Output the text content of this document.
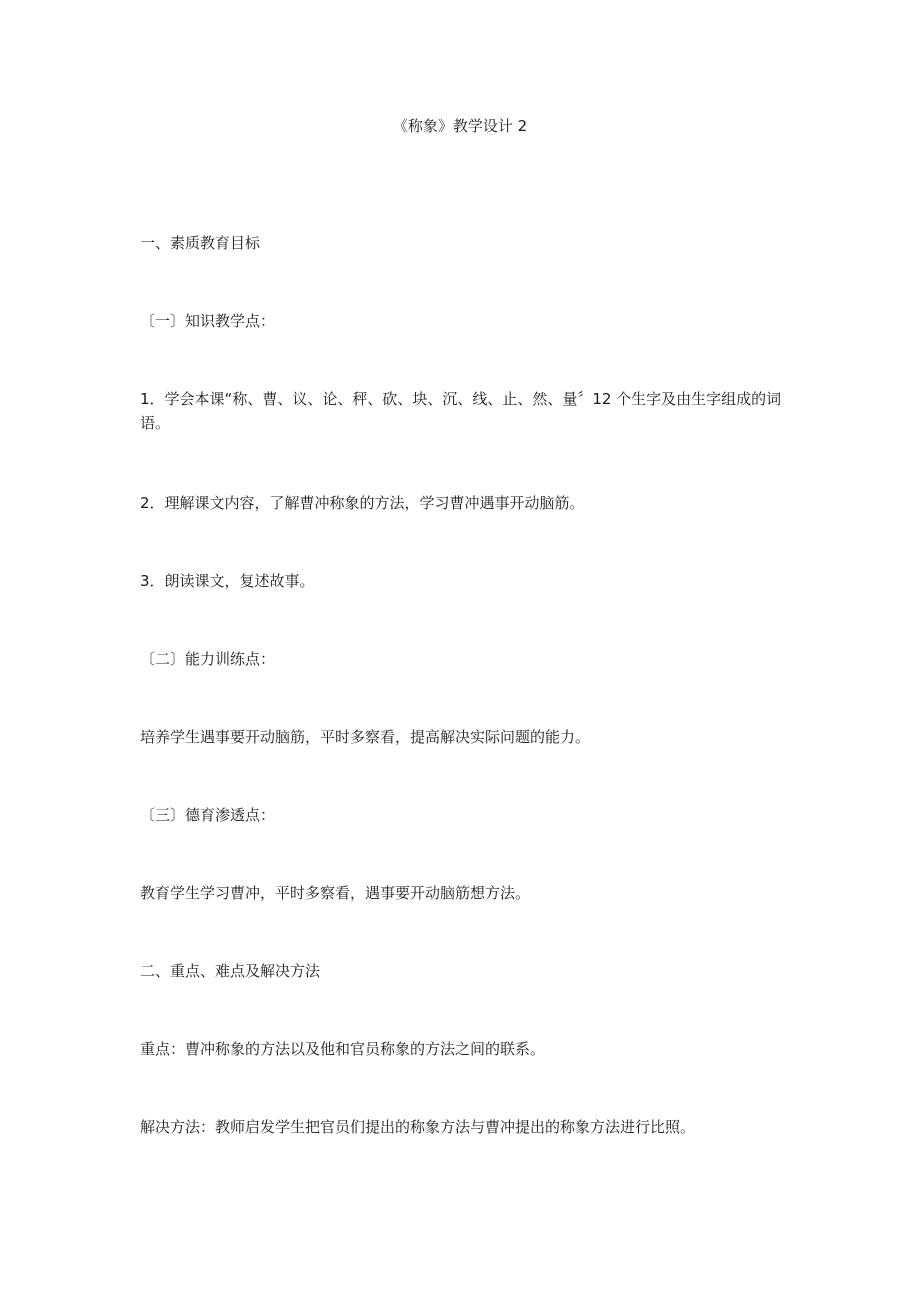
《称象》教学设计 2
一、素质教育目标
〔一〕知识教学点：
1．学会本课“称、曹、议、论、秤、砍、块、沉、线、止、然、量〞12 个生字及由生字组成的词语。
2．理解课文内容，了解曹冲称象的方法，学习曹冲遇事开动脑筋。
3．朗读课文，复述故事。
〔二〕能力训练点：
培养学生遇事要开动脑筋，平时多察看，提高解决实际问题的能力。
〔三〕德育渗透点：
教育学生学习曹冲，平时多察看，遇事要开动脑筋想方法。
二、重点、难点及解决方法
重点：曹冲称象的方法以及他和官员称象的方法之间的联系。
解决方法：教师启发学生把官员们提出的称象方法与曹冲提出的称象方法进行比照。
